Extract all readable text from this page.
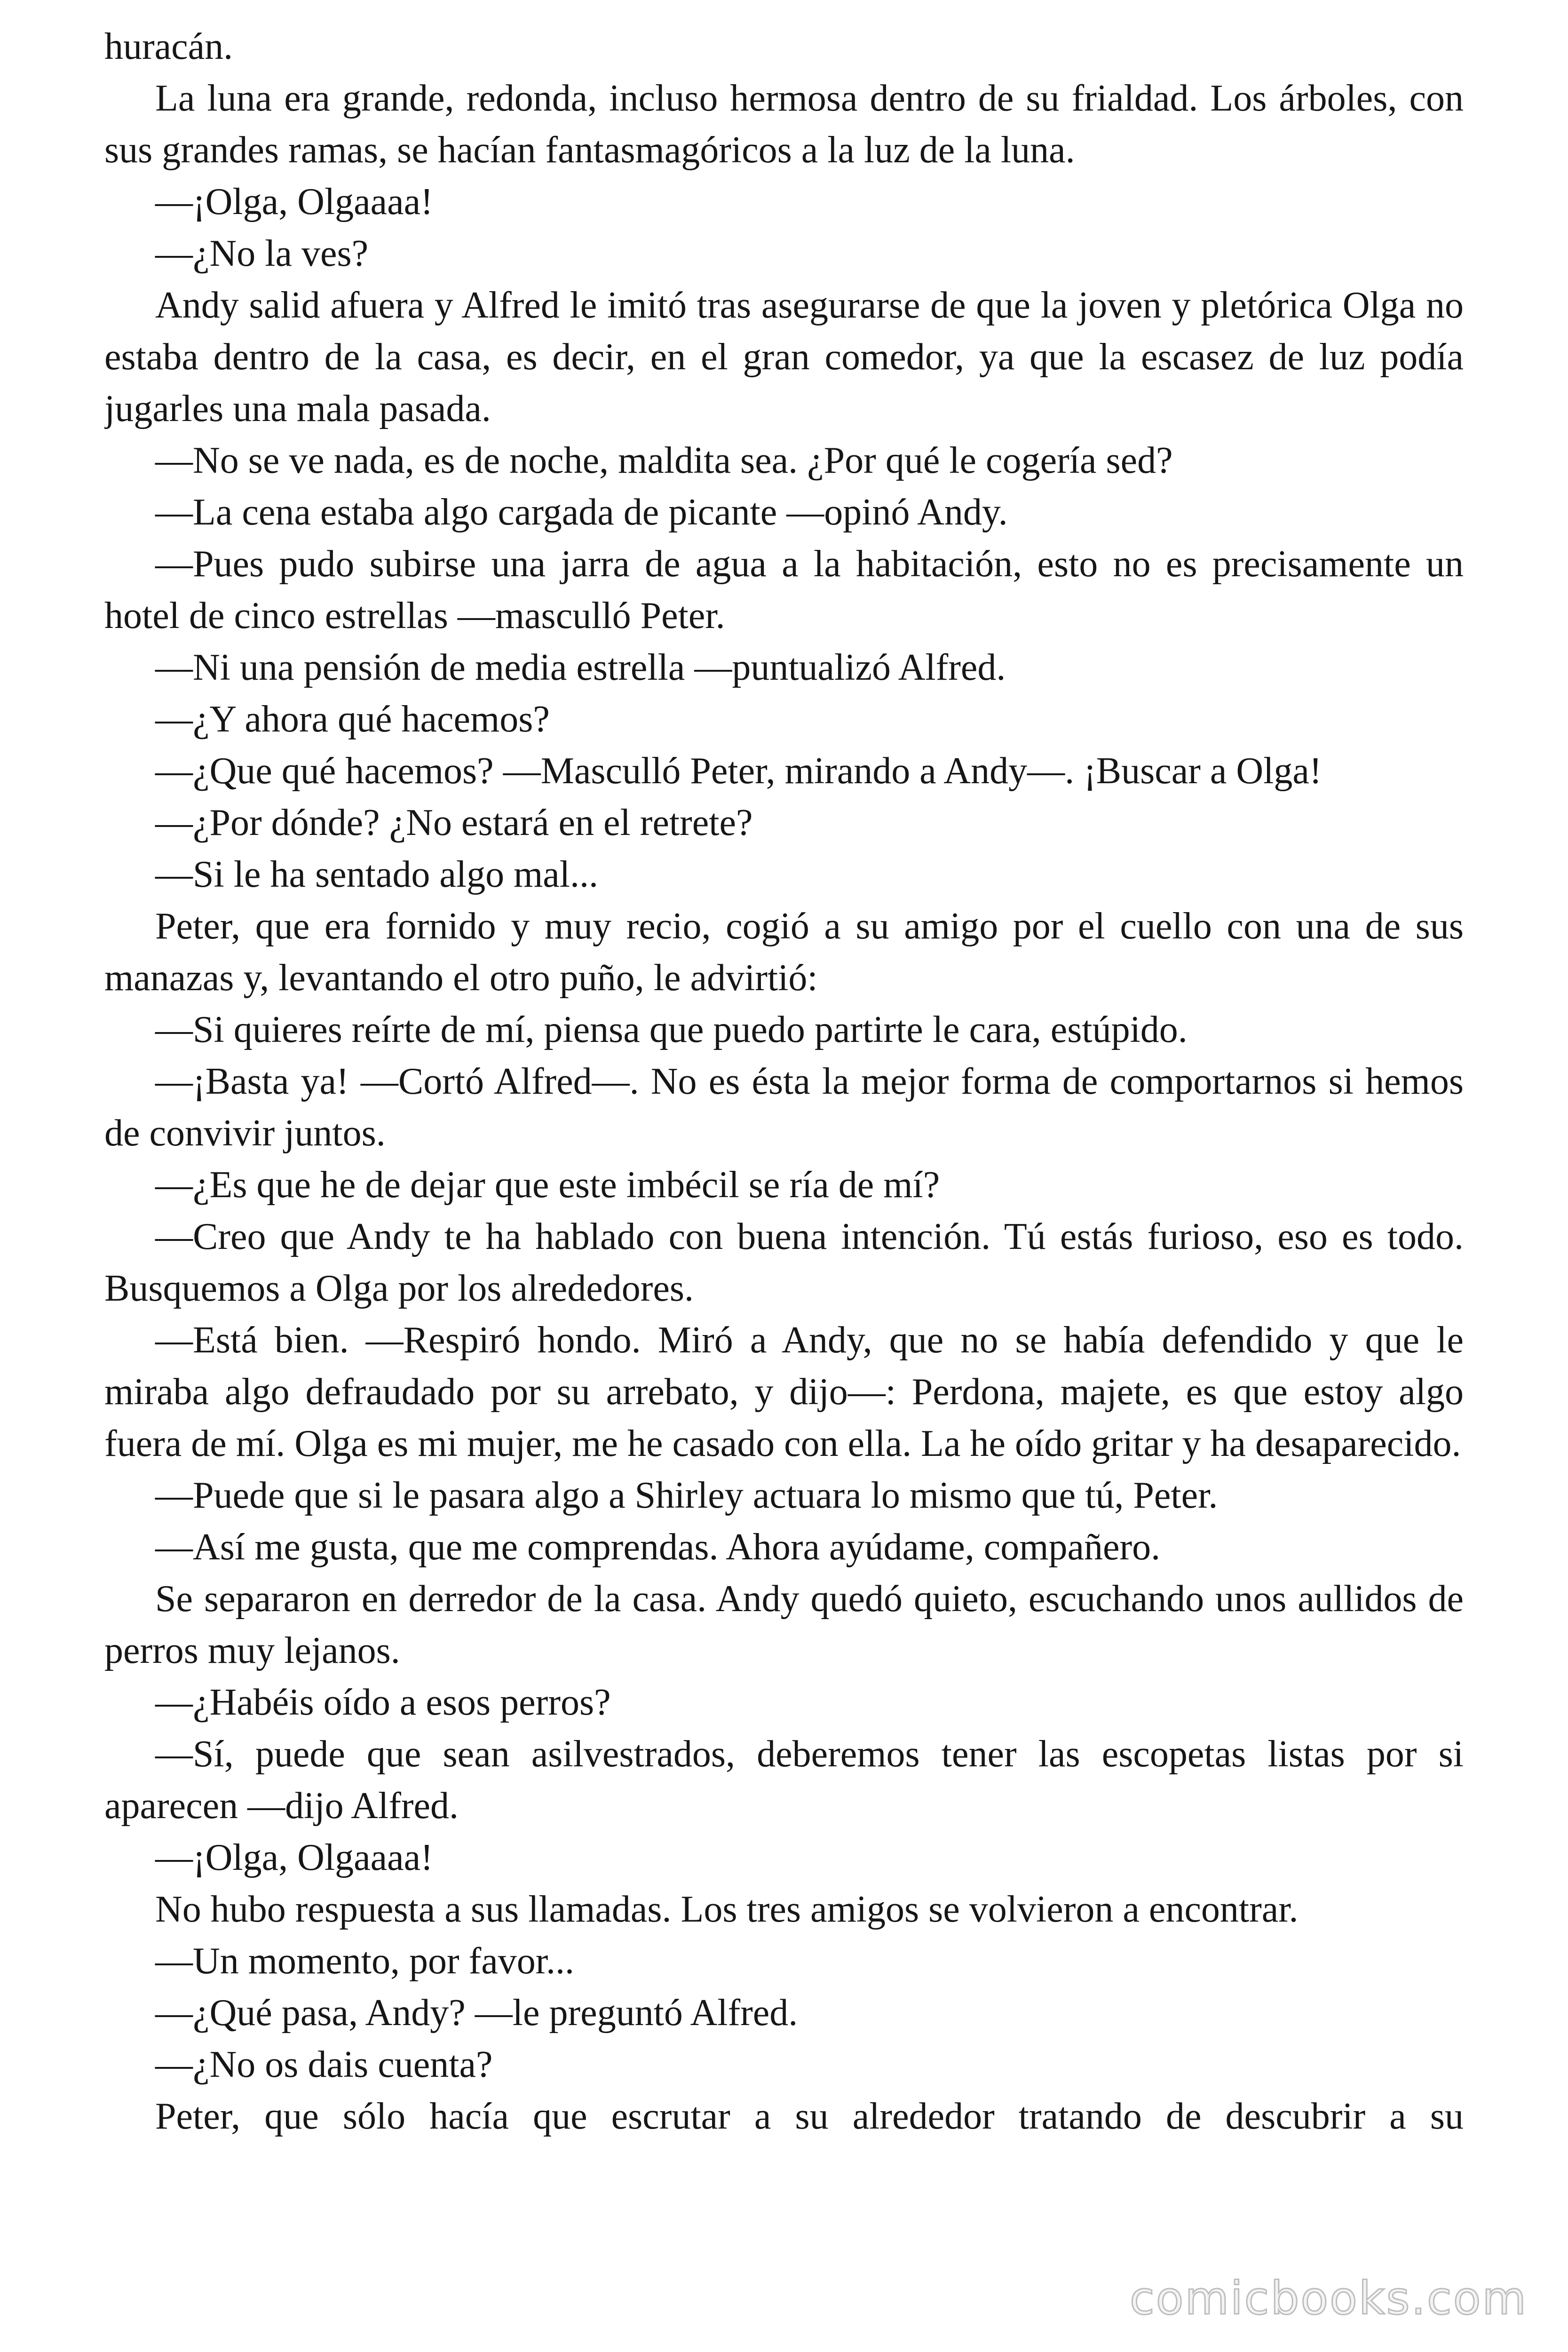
huracán.

La luna era grande, redonda, incluso hermosa dentro de su frialdad. Los árboles, con sus grandes ramas, se hacían fantasmagóricos a la luz de la luna.

—¡Olga, Olgaaaa!

—¿No la ves?

Andy salid afuera y Alfred le imitó tras asegurarse de que la joven y pletórica Olga no estaba dentro de la casa, es decir, en el gran comedor, ya que la escasez de luz podía jugarles una mala pasada.

—No se ve nada, es de noche, maldita sea. ¿Por qué le cogería sed?

—La cena estaba algo cargada de picante —opinó Andy.

—Pues pudo subirse una jarra de agua a la habitación, esto no es precisamente un hotel de cinco estrellas —masculló Peter.

—Ni una pensión de media estrella —puntualizó Alfred.

—¿Y ahora qué hacemos?

—¿Que qué hacemos? —Masculló Peter, mirando a Andy—. ¡Buscar a Olga!

—¿Por dónde? ¿No estará en el retrete?

—Si le ha sentado algo mal...

Peter, que era fornido y muy recio, cogió a su amigo por el cuello con una de sus manazas y, levantando el otro puño, le advirtió:

—Si quieres reírte de mí, piensa que puedo partirte le cara, estúpido.

—¡Basta ya! —Cortó Alfred—. No es ésta la mejor forma de comportarnos si hemos de convivir juntos.

—¿Es que he de dejar que este imbécil se ría de mí?

—Creo que Andy te ha hablado con buena intención. Tú estás furioso, eso es todo. Busquemos a Olga por los alrededores.

—Está bien. —Respiró hondo. Miró a Andy, que no se había defendido y que le miraba algo defraudado por su arrebato, y dijo—: Perdona, majete, es que estoy algo fuera de mí. Olga es mi mujer, me he casado con ella. La he oído gritar y ha desaparecido.

—Puede que si le pasara algo a Shirley actuara lo mismo que tú, Peter.

—Así me gusta, que me comprendas. Ahora ayúdame, compañero.

Se separaron en derredor de la casa. Andy quedó quieto, escuchando unos aullidos de perros muy lejanos.

—¿Habéis oído a esos perros?

—Sí, puede que sean asilvestrados, deberemos tener las escopetas listas por si aparecen —dijo Alfred.

—¡Olga, Olgaaaa!

No hubo respuesta a sus llamadas. Los tres amigos se volvieron a encontrar.

—Un momento, por favor...

—¿Qué pasa, Andy? —le preguntó Alfred.

—¿No os dais cuenta?

Peter, que sólo hacía que escrutar a su alrededor tratando de descubrir a su

comicbooks.com
